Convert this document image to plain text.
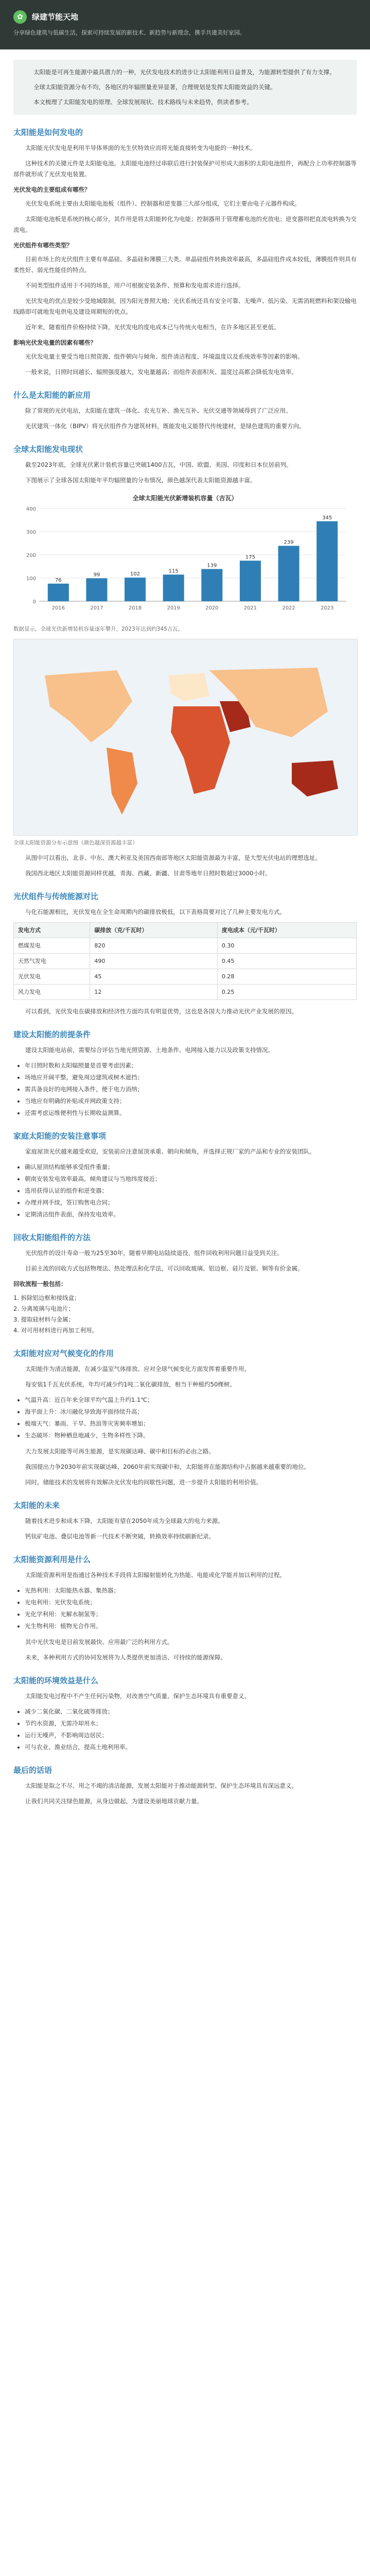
✿	绿建节能天地
分享绿色建筑与低碳生活，探索可持续发展的新技术、新趋势与新理念，携手共建美好家园。

太阳能是可再生能源中最具潜力的一种，光伏发电技术的进步让太阳能利用日益普及，为能源转型提供了有力支撑。

全球太阳能资源分布不均，各地区的年辐照量差异显著，合理规划是发挥太阳能效益的关键。

本文梳理了太阳能发电的原理、全球发展现状、技术路线与未来趋势，供读者参考。

太阳能是如何发电的

太阳能光伏发电是利用半导体界面的光生伏特效应而将光能直接转变为电能的一种技术。

这种技术的关键元件是太阳能电池。太阳能电池经过串联后进行封装保护可形成大面积的太阳电池组件，再配合上功率控制器等部件就形成了光伏发电装置。

光伏发电的主要组成有哪些？

光伏发电系统主要由太阳能电池板（组件）、控制器和逆变器三大部分组成，它们主要由电子元器件构成。

太阳能电池板是系统的核心部分，其作用是将太阳能转化为电能；控制器用于管理蓄电池的充放电；逆变器则把直流电转换为交流电。

光伏组件有哪些类型？

目前市场上的光伏组件主要有单晶硅、多晶硅和薄膜三大类。单晶硅组件转换效率最高，多晶硅组件成本较低，薄膜组件则具有柔性好、弱光性能佳的特点。

不同类型组件适用于不同的场景，用户可根据安装条件、预算和发电需求进行选择。

光伏发电的优点是较少受地域限制，因为阳光普照大地；光伏系统还具有安全可靠、无噪声、低污染、无需消耗燃料和架设输电线路即可就地发电供电及建设周期短的优点。

近年来，随着组件价格持续下降，光伏发电的度电成本已与传统火电相当，在许多地区甚至更低。

影响光伏发电量的因素有哪些？

光伏发电量主要受当地日照资源、组件朝向与倾角、组件清洁程度、环境温度以及系统效率等因素的影响。

一般来说，日照时间越长、辐照强度越大，发电量越高；而组件表面积灰、温度过高都会降低发电效率。

什么是太阳能的新应用

除了常规的光伏电站，太阳能在建筑一体化、农光互补、渔光互补、光伏交通等领域得到了广泛应用。

光伏建筑一体化（BIPV）将光伏组件作为建筑材料，既能发电又能替代传统建材，是绿色建筑的重要方向。

全球太阳能发电现状

截至2023年底，全球光伏累计装机容量已突破1400吉瓦，中国、欧盟、美国、印度和日本位居前列。

下图展示了全球各国太阳能年平均辐照量的分布情况，颜色越深代表太阳能资源越丰富。

全球太阳能光伏新增装机容量（吉瓦）
0
100
200
300
400
76
2016
99
2017
102
2018
115
2019
139
2020
175
2021
239
2022
345
2023
数据显示，全球光伏新增装机容量逐年攀升，2023年达到约345吉瓦。
全球太阳能资源分布示意图（颜色越深资源越丰富）

从图中可以看出，北非、中东、澳大利亚及美国西南部等地区太阳能资源最为丰富，是大型光伏电站的理想选址。

我国西北地区太阳能资源同样优越，青海、西藏、新疆、甘肃等地年日照时数超过3000小时。

光伏组件与传统能源对比

与化石能源相比，光伏发电在全生命周期内的碳排放极低，以下表格简要对比了几种主要发电方式。

发电方式	碳排放（克/千瓦时）	度电成本（元/千瓦时）
燃煤发电	820	0.30
天然气发电	490	0.45
光伏发电	45	0.28
风力发电	12	0.25

可以看到，光伏发电在碳排放和经济性方面均具有明显优势，这也是各国大力推动光伏产业发展的原因。

建设太阳能的前提条件

建设太阳能电站前，需要综合评估当地光照资源、土地条件、电网接入能力以及政策支持情况。

• 年日照时数和太阳辐照量是首要考虑因素；
• 场地应开阔平整，避免周边建筑或树木遮挡；
• 需具备良好的电网接入条件，便于电力消纳；
• 当地应有明确的补贴或并网政策支持；
• 还需考虑运维便利性与长期收益测算。
家庭太阳能的安装注意事项

家庭屋顶光伏越来越受欢迎，安装前应注意屋顶承重、朝向和倾角，并选择正规厂家的产品和专业的安装团队。

• 确认屋顶结构能够承受组件重量；
• 朝南安装发电效率最高，倾角建议与当地纬度接近；
• 选用获得认证的组件和逆变器；
• 办理并网手续，签订购售电合同；
• 定期清洁组件表面，保持发电效率。
回收太阳能组件的方法

光伏组件的设计寿命一般为25至30年，随着早期电站陆续退役，组件回收利用问题日益受到关注。

目前主流的回收方式包括物理法、热处理法和化学法，可以回收玻璃、铝边框、硅片及银、铜等有价金属。

回收流程一般包括：

1. 拆除铝边框和接线盒；
2. 分离玻璃与电池片；
3. 提取硅材料与金属；
4. 对可用材料进行再加工利用。
太阳能对应对气候变化的作用

太阳能作为清洁能源，在减少温室气体排放、应对全球气候变化方面发挥着重要作用。

每安装1千瓦光伏系统，年均可减少约1吨二氧化碳排放，相当于种植约50棵树。

• 气温升高：近百年来全球平均气温上升约1.1℃；
• 海平面上升：冰川融化导致海平面持续升高；
• 极端天气：暴雨、干旱、热浪等灾害频率增加；
• 生态破坏：物种栖息地减少，生物多样性下降。

大力发展太阳能等可再生能源，是实现碳达峰、碳中和目标的必由之路。

我国提出力争2030年前实现碳达峰、2060年前实现碳中和，太阳能将在能源结构中占据越来越重要的地位。

同时，储能技术的发展将有效解决光伏发电的间歇性问题，进一步提升太阳能的利用价值。

太阳能的未来

随着技术进步和成本下降，太阳能有望在2050年成为全球最大的电力来源。

钙钛矿电池、叠层电池等新一代技术不断突破，转换效率持续刷新纪录。

太阳能资源利用是什么

太阳能资源利用是指通过各种技术手段将太阳辐射能转化为热能、电能或化学能并加以利用的过程。

• 光热利用：太阳能热水器、集热器；
• 光电利用：光伏发电系统；
• 光化学利用：光解水制氢等；
• 光生物利用：植物光合作用。

其中光伏发电是目前发展最快、应用最广泛的利用方式。

未来，多种利用方式的协同发展将为人类提供更加清洁、可持续的能源保障。

太阳能的环境效益是什么

太阳能发电过程中不产生任何污染物，对改善空气质量、保护生态环境具有重要意义。

• 减少二氧化碳、二氧化硫等排放；
• 节约水资源，无需冷却用水；
• 运行无噪声，不影响周边居民；
• 可与农业、渔业结合，提高土地利用率。
最后的话语

太阳能是取之不尽、用之不竭的清洁能源，发展太阳能对于推动能源转型、保护生态环境具有深远意义。

让我们共同关注绿色能源，从身边做起，为建设美丽地球贡献力量。
